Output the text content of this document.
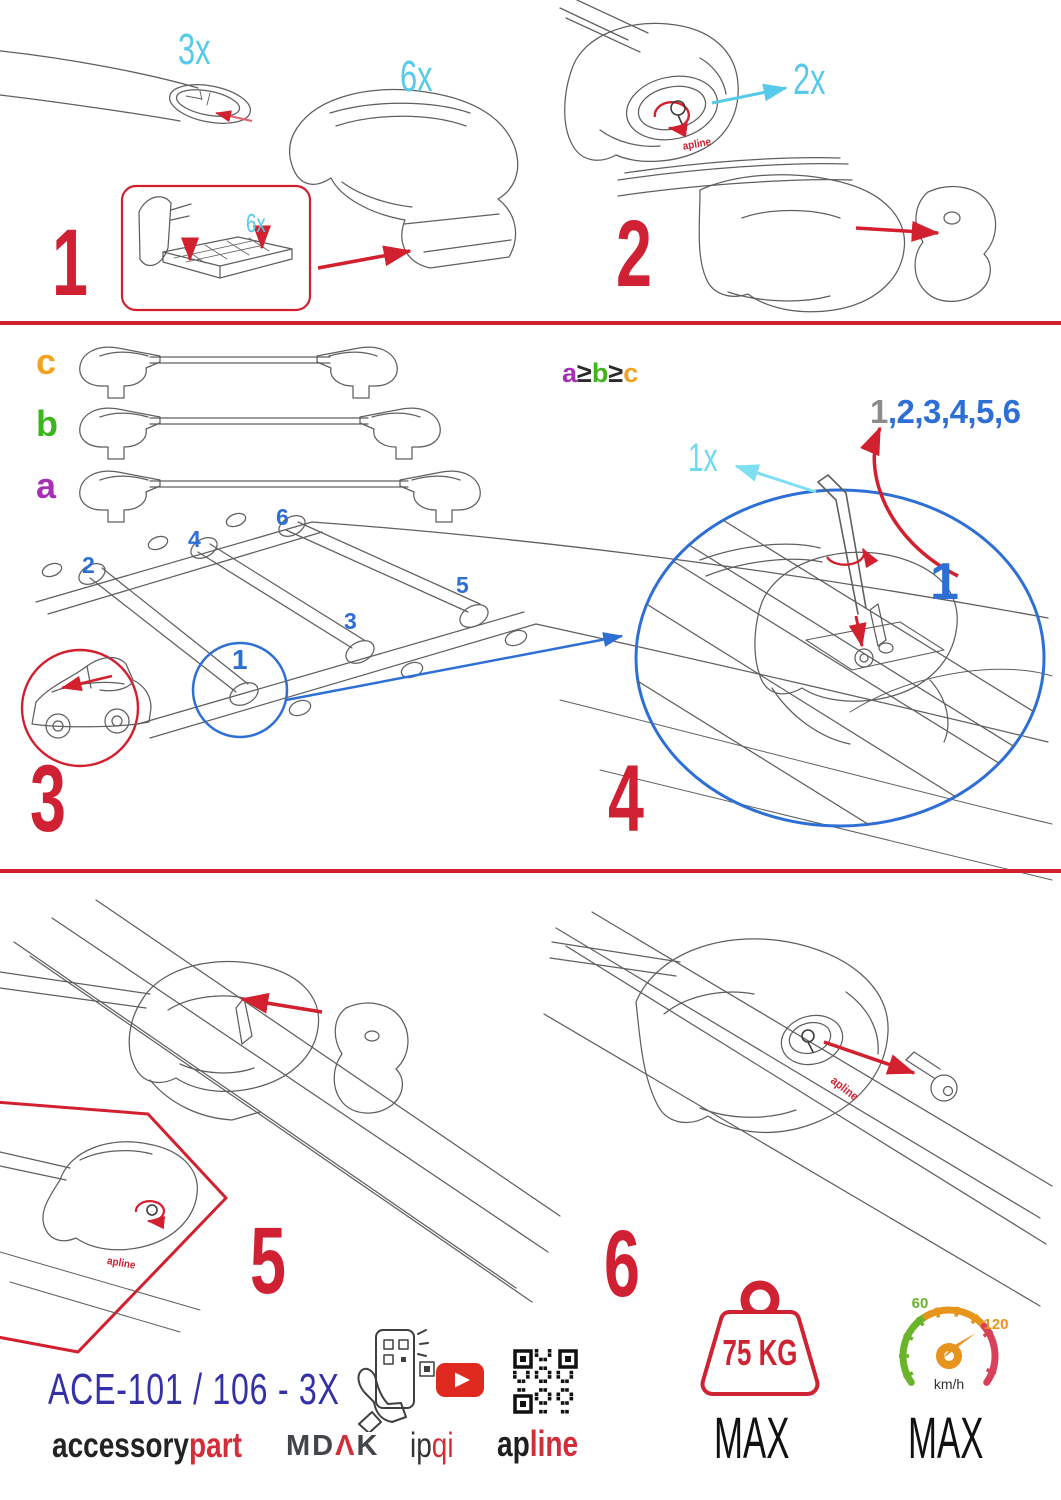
3x
6x
6x
1
2x
2
c
b
a
a≥b≥c
1
2
3
4
5
6
3
1,2,3,4,5,6
1x
1
4
5	6
apline
apline
apline
ACE-101 / 106 - 3X
accessorypart MDΛK ipqi apline
75 KG
MAX
60
120
km/h
MAX
